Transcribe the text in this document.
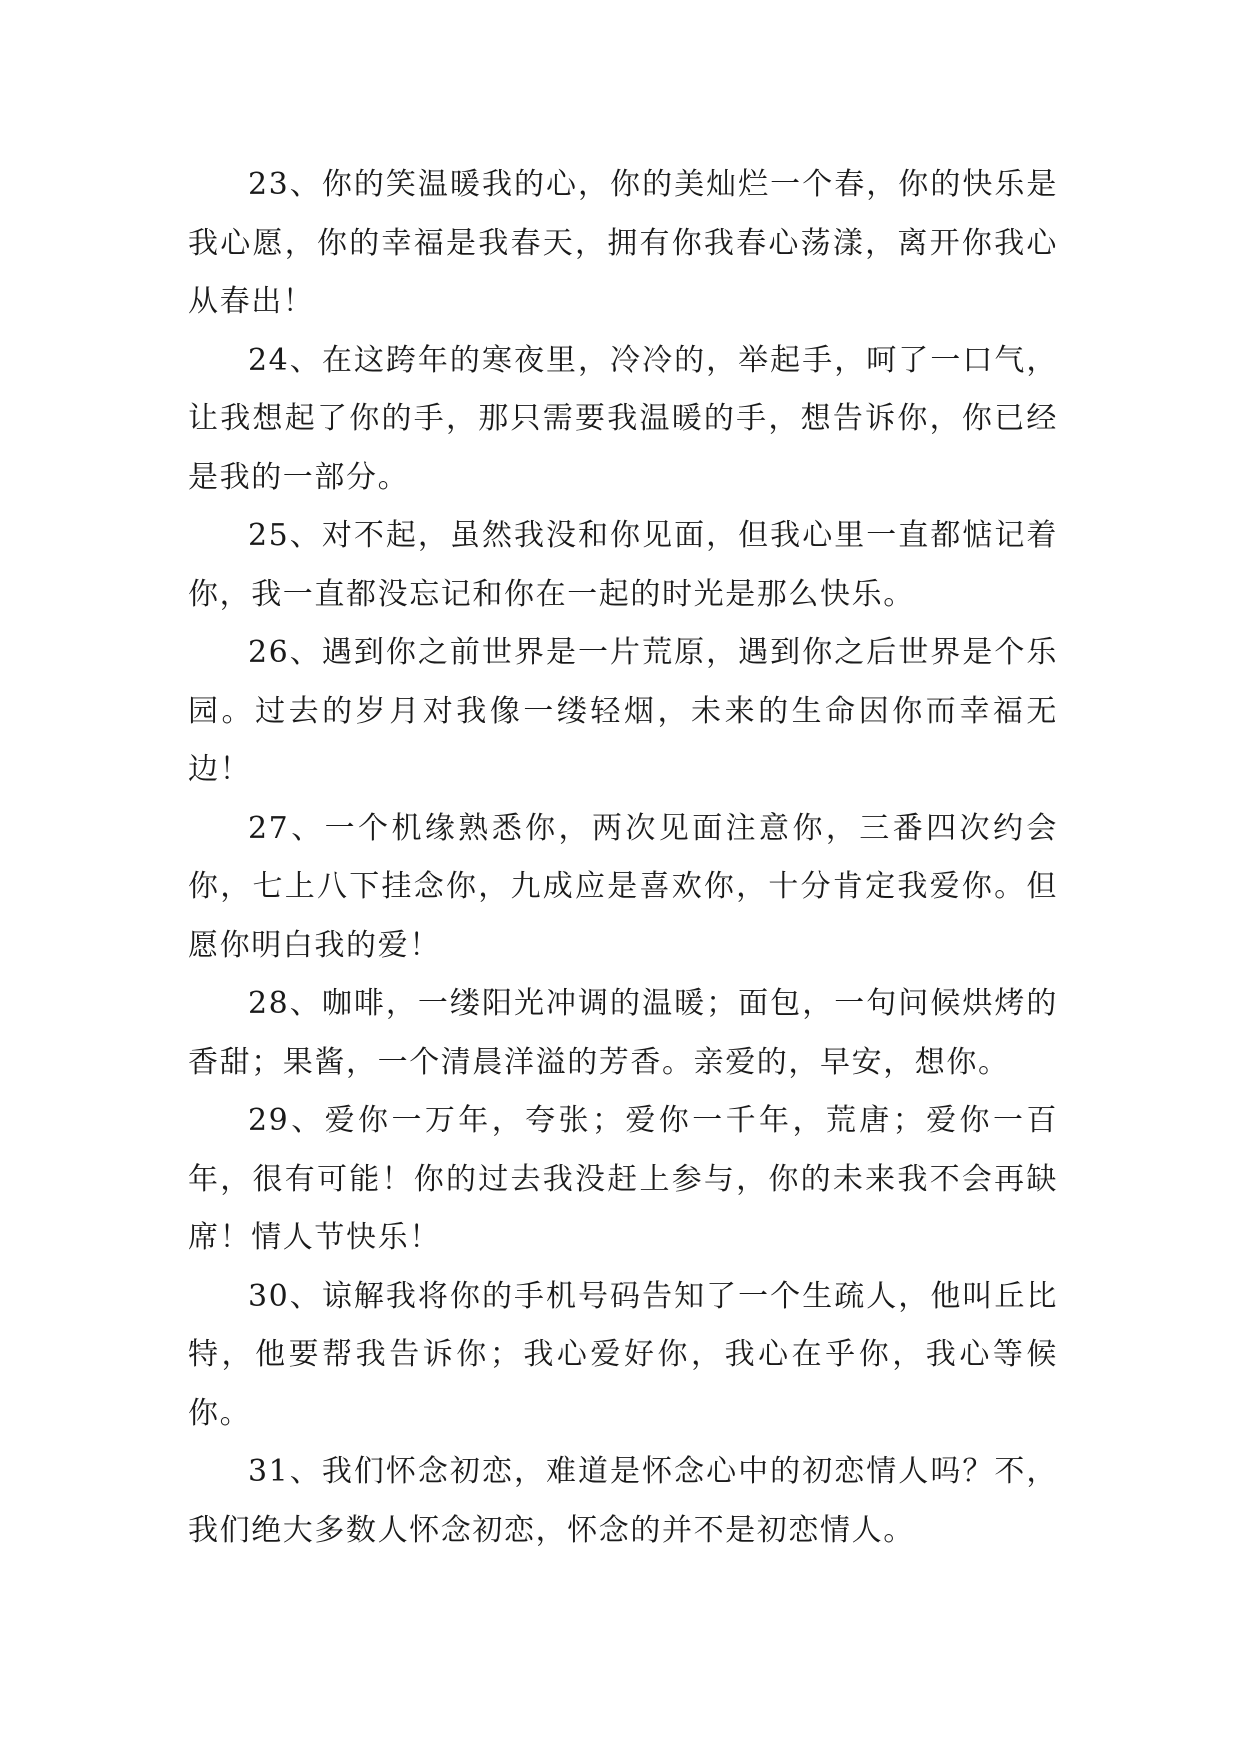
23、你的笑温暖我的心，你的美灿烂一个春，你的快乐是我心愿，你的幸福是我春天，拥有你我春心荡漾，离开你我心从春出！

24、在这跨年的寒夜里，冷冷的，举起手，呵了一口气，让我想起了你的手，那只需要我温暖的手，想告诉你，你已经是我的一部分。

25、对不起，虽然我没和你见面，但我心里一直都惦记着你，我一直都没忘记和你在一起的时光是那么快乐。

26、遇到你之前世界是一片荒原，遇到你之后世界是个乐园。过去的岁月对我像一缕轻烟，未来的生命因你而幸福无边！

27、一个机缘熟悉你，两次见面注意你，三番四次约会你，七上八下挂念你，九成应是喜欢你，十分肯定我爱你。但愿你明白我的爱！

28、咖啡，一缕阳光冲调的温暖；面包，一句问候烘烤的香甜；果酱，一个清晨洋溢的芳香。亲爱的，早安，想你。

29、爱你一万年，夸张；爱你一千年，荒唐；爱你一百年，很有可能！你的过去我没赶上参与，你的未来我不会再缺席！情人节快乐！

30、谅解我将你的手机号码告知了一个生疏人，他叫丘比特，他要帮我告诉你；我心爱好你，我心在乎你，我心等候你。

31、我们怀念初恋，难道是怀念心中的初恋情人吗？不，我们绝大多数人怀念初恋，怀念的并不是初恋情人。
